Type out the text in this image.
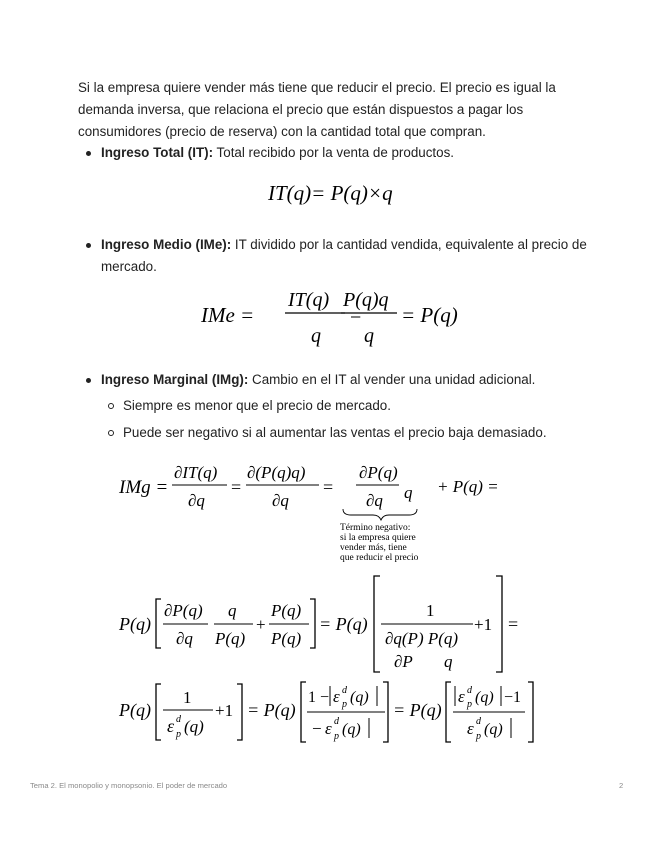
Si la empresa quiere vender más tiene que reducir el precio. El precio es igual la demanda inversa, que relaciona el precio que están dispuestos a pagar los consumidores (precio de reserva) con la cantidad total que compran.

Ingreso Total (IT): Total recibido por la venta de productos.
IT(q)= P(q)×q
Ingreso Medio (IMe): IT dividido por la cantidad vendida, equivalente al precio de mercado.
IMe =
IT(q)
q
=
P(q)q
q
= P(q)
Ingreso Marginal (IMg): Cambio en el IT al vender una unidad adicional.
Siempre es menor que el precio de mercado.
Puede ser negativo si al aumentar las ventas el precio baja demasiado.
IMg =
∂IT(q)
∂q
=
∂(P(q)q)
∂q
=
∂P(q)
∂q q + P(q) =
Término negativo:
si la empresa quiere
vender más, tiene
que reducir el precio
P(q)
∂P(q)
∂q
q
P(q)
+
P(q)
P(q)
= P(q)
1
∂q(P) P(q)
∂P q
+1 =
P(q)
1
ε d
p (q)
+1 = P(q)
1 − ε d
p (q)
− ε d
p (q)
= P(q)
ε d
p (q) −1
ε d
p (q)
Tema 2. El monopolio y monopsonio. El poder de mercado	2
